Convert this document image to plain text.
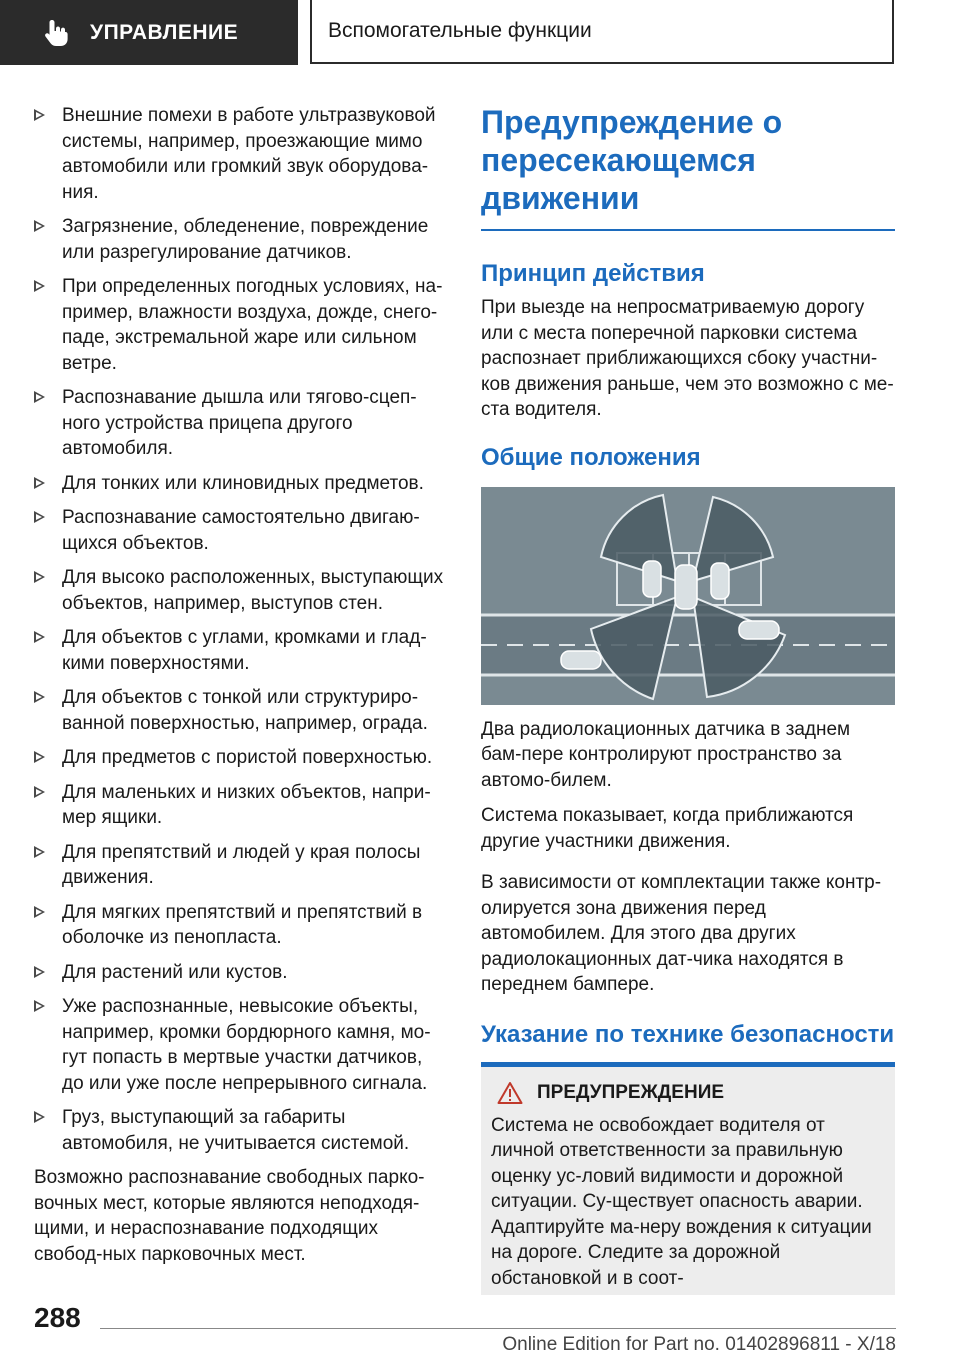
УПРАВЛЕНИЕ	Вспомогательные функции
Внешние помехи в работе ультразвуковой системы, например, проезжающие мимо автомобили или громкий звук оборудова-ния.
Загрязнение, обледенение, повреждение или разрегулирование датчиков.
При определенных погодных условиях, на-пример, влажности воздуха, дожде, снего-паде, экстремальной жаре или сильном ветре.
Распознавание дышла или тягово-сцеп-ного устройства прицепа другого автомобиля.
Для тонких или клиновидных предметов.
Распознавание самостоятельно двигаю-щихся объектов.
Для высоко расположенных, выступающих объектов, например, выступов стен.
Для объектов с углами, кромками и глад-кими поверхностями.
Для объектов с тонкой или структуриро-ванной поверхностью, например, ограда.
Для предметов с пористой поверхностью.
Для маленьких и низких объектов, напри-мер ящики.
Для препятствий и людей у края полосы движения.
Для мягких препятствий и препятствий в оболочке из пенопласта.
Для растений или кустов.
Уже распознанные, невысокие объекты, например, кромки бордюрного камня, мо-гут попасть в мертвые участки датчиков, до или уже после непрерывного сигнала.
Груз, выступающий за габариты автомобиля, не учитывается системой.

Возможно распознавание свободных парко-вочных мест, которые являются неподходя-щими, и нераспознавание подходящих свобод-ных парковочных мест.

Предупреждение о пересекающемся движении
Принцип действия

При выезде на непросматриваемую дорогу или с места поперечной парковки система распознает приближающихся сбоку участни-ков движения раньше, чем это возможно с ме-ста водителя.

Общие положения

Два радиолокационных датчика в заднем бам-пере контролируют пространство за автомо-билем.

Система показывает, когда приближаются другие участники движения.

В зависимости от комплектации также контр-олируется зона движения перед автомобилем. Для этого два других радиолокационных дат-чика находятся в переднем бампере.

Указание по технике безопасности
ПРЕДУПРЕЖДЕНИЕ

Система не освобождает водителя от личной ответственности за правильную оценку ус-ловий видимости и дорожной ситуации. Су-ществует опасность аварии. Адаптируйте ма-неру вождения к ситуации на дороге. Следите за дорожной обстановкой и в соот-

288
Online Edition for Part no. 01402896811 - X/18
